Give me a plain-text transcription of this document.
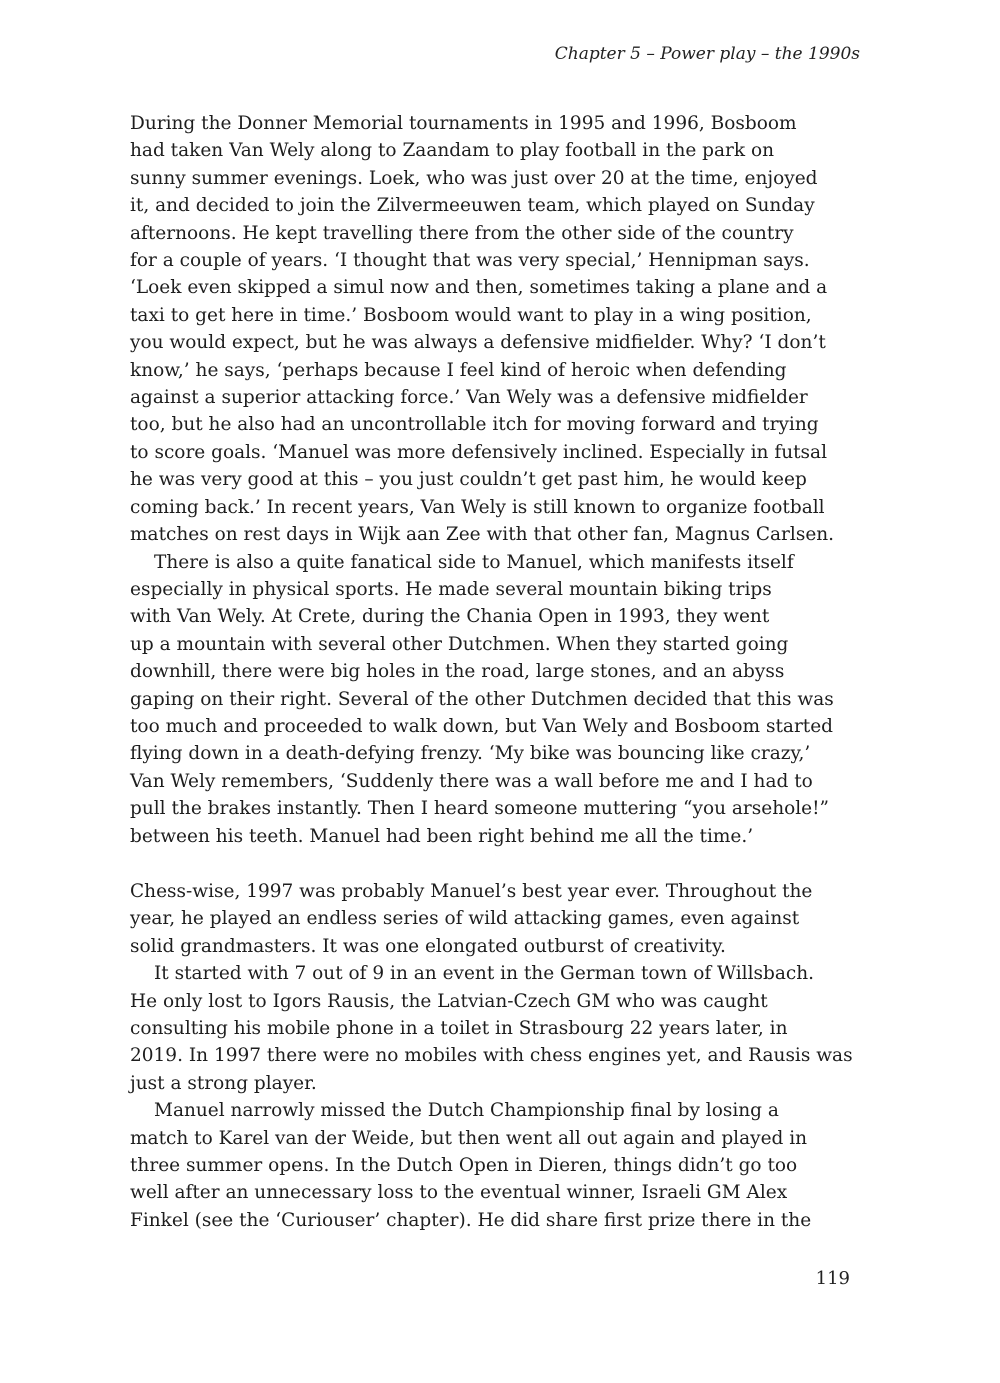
Chapter 5 – Power play – the 1990s
During the Donner Memorial tournaments in 1995 and 1996, Bosboom
had taken Van Wely along to Zaandam to play football in the park on
sunny summer evenings. Loek, who was just over 20 at the time, enjoyed
it, and decided to join the Zilvermeeuwen team, which played on Sunday
afternoons. He kept travelling there from the other side of the country
for a couple of years. ‘I thought that was very special,’ Hennipman says.
‘Loek even skipped a simul now and then, sometimes taking a plane and a
taxi to get here in time.’ Bosboom would want to play in a wing position,
you would expect, but he was always a defensive midfielder. Why? ‘I don’t
know,’ he says, ‘perhaps because I feel kind of heroic when defending
against a superior attacking force.’ Van Wely was a defensive midfielder
too, but he also had an uncontrollable itch for moving forward and trying
to score goals. ‘Manuel was more defensively inclined. Especially in futsal
he was very good at this – you just couldn’t get past him, he would keep
coming back.’ In recent years, Van Wely is still known to organize football
matches on rest days in Wijk aan Zee with that other fan, Magnus Carlsen.
There is also a quite fanatical side to Manuel, which manifests itself
especially in physical sports. He made several mountain biking trips
with Van Wely. At Crete, during the Chania Open in 1993, they went
up a mountain with several other Dutchmen. When they started going
downhill, there were big holes in the road, large stones, and an abyss
gaping on their right. Several of the other Dutchmen decided that this was
too much and proceeded to walk down, but Van Wely and Bosboom started
flying down in a death-defying frenzy. ‘My bike was bouncing like crazy,’
Van Wely remembers, ‘Suddenly there was a wall before me and I had to
pull the brakes instantly. Then I heard someone muttering “you arsehole!”
between his teeth. Manuel had been right behind me all the time.’
Chess-wise, 1997 was probably Manuel’s best year ever. Throughout the
year, he played an endless series of wild attacking games, even against
solid grandmasters. It was one elongated outburst of creativity.
It started with 7 out of 9 in an event in the German town of Willsbach.
He only lost to Igors Rausis, the Latvian-Czech GM who was caught
consulting his mobile phone in a toilet in Strasbourg 22 years later, in
2019. In 1997 there were no mobiles with chess engines yet, and Rausis was
just a strong player.
Manuel narrowly missed the Dutch Championship final by losing a
match to Karel van der Weide, but then went all out again and played in
three summer opens. In the Dutch Open in Dieren, things didn’t go too
well after an unnecessary loss to the eventual winner, Israeli GM Alex
Finkel (see the ‘Curiouser’ chapter). He did share first prize there in the
119
